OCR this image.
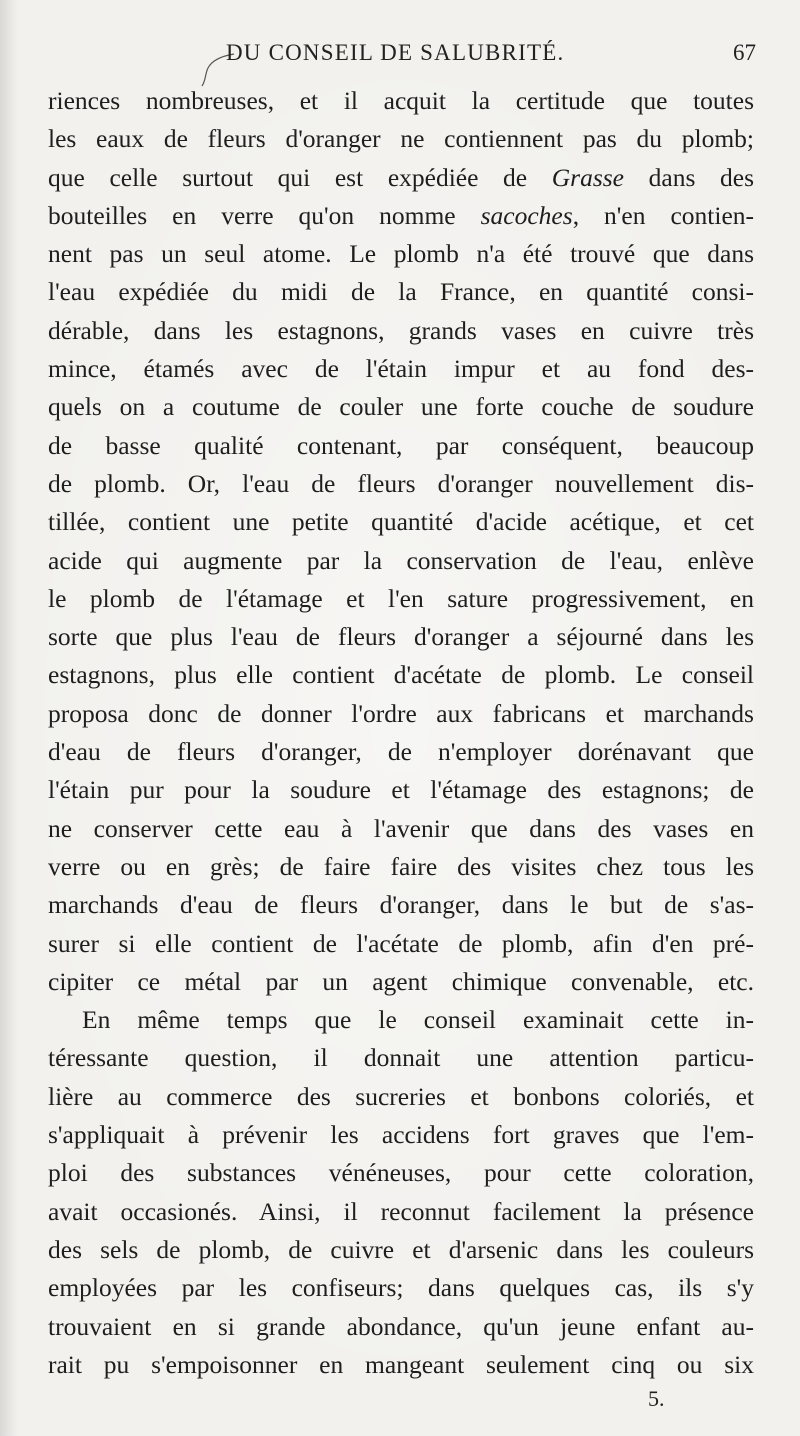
DU CONSEIL DE SALUBRITÉ.	67
riences nombreuses, et il acquit la certitude que toutes
les eaux de fleurs d'oranger ne contiennent pas du plomb;
que celle surtout qui est expédiée de Grasse dans des
bouteilles en verre qu'on nomme sacoches, n'en contien-
nent pas un seul atome. Le plomb n'a été trouvé que dans
l'eau expédiée du midi de la France, en quantité consi-
dérable, dans les estagnons, grands vases en cuivre très
mince, étamés avec de l'étain impur et au fond des-
quels on a coutume de couler une forte couche de soudure
de basse qualité contenant, par conséquent, beaucoup
de plomb. Or, l'eau de fleurs d'oranger nouvellement dis-
tillée, contient une petite quantité d'acide acétique, et cet
acide qui augmente par la conservation de l'eau, enlève
le plomb de l'étamage et l'en sature progressivement, en
sorte que plus l'eau de fleurs d'oranger a séjourné dans les
estagnons, plus elle contient d'acétate de plomb. Le conseil
proposa donc de donner l'ordre aux fabricans et marchands
d'eau de fleurs d'oranger, de n'employer dorénavant que
l'étain pur pour la soudure et l'étamage des estagnons; de
ne conserver cette eau à l'avenir que dans des vases en
verre ou en grès; de faire faire des visites chez tous les
marchands d'eau de fleurs d'oranger, dans le but de s'as-
surer si elle contient de l'acétate de plomb, afin d'en pré-
cipiter ce métal par un agent chimique convenable, etc.
En même temps que le conseil examinait cette in-
téressante question, il donnait une attention particu-
lière au commerce des sucreries et bonbons coloriés, et
s'appliquait à prévenir les accidens fort graves que l'em-
ploi des substances vénéneuses, pour cette coloration,
avait occasionés. Ainsi, il reconnut facilement la présence
des sels de plomb, de cuivre et d'arsenic dans les couleurs
employées par les confiseurs; dans quelques cas, ils s'y
trouvaient en si grande abondance, qu'un jeune enfant au-
rait pu s'empoisonner en mangeant seulement cinq ou six
5.
